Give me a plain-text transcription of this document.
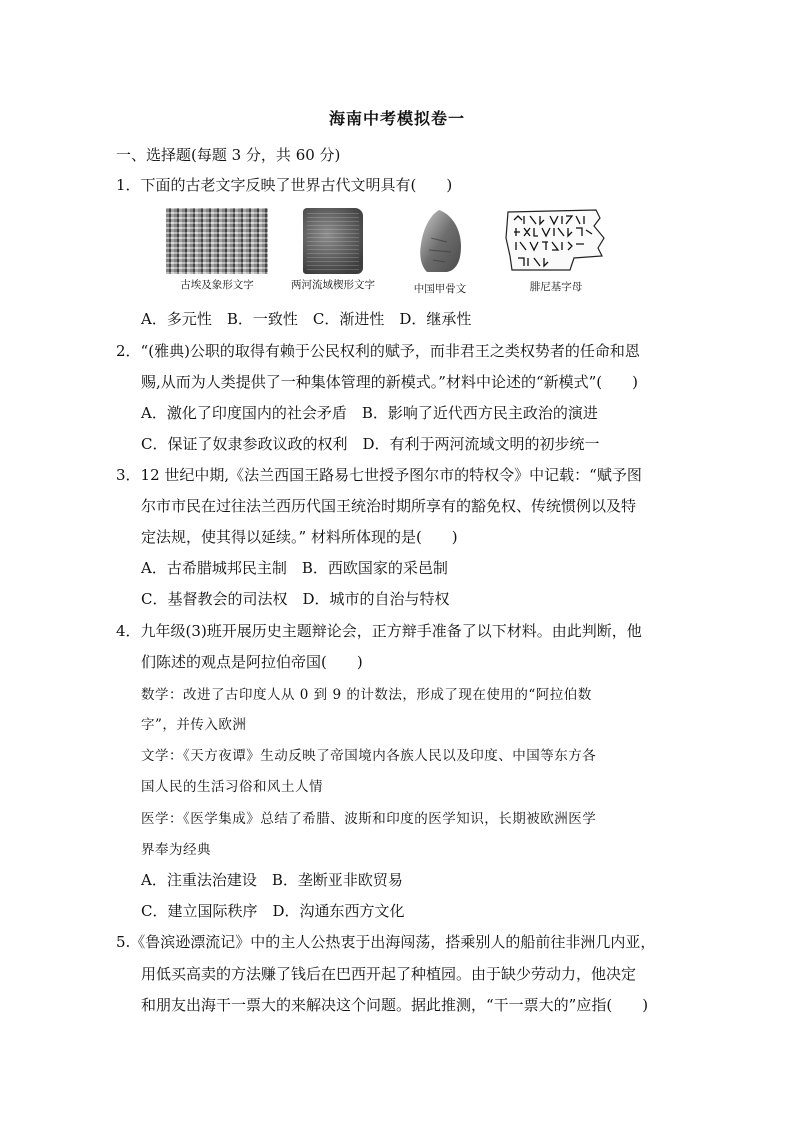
海南中考模拟卷一
一、选择题(每题 3 分，共 60 分)
1．下面的古老文字反映了世界古代文明具有(　　)
古埃及象形文字	两河流域楔形文字	中国甲骨文	腓尼基字母
A．多元性　B．一致性　C．渐进性　D．继承性
2．“(雅典)公职的取得有赖于公民权利的赋予，而非君王之类权势者的任命和恩
赐,从而为人类提供了一种集体管理的新模式。”材料中论述的“新模式”(　　)
A．激化了印度国内的社会矛盾　B．影响了近代西方民主政治的演进
C．保证了奴隶参政议政的权利　D．有利于两河流域文明的初步统一
3．12 世纪中期,《法兰西国王路易七世授予图尔市的特权令》中记载：“赋予图
尔市市民在过往法兰西历代国王统治时期所享有的豁免权、传统惯例以及特
定法规，使其得以延续。” 材料所体现的是(　　)
A．古希腊城邦民主制　B．西欧国家的采邑制
C．基督教会的司法权　D．城市的自治与特权
4．九年级(3)班开展历史主题辩论会，正方辩手准备了以下材料。由此判断，他
们陈述的观点是阿拉伯帝国(　　)
数学：改进了古印度人从 0 到 9 的计数法，形成了现在使用的“阿拉伯数
字”，并传入欧洲
文学：《天方夜谭》生动反映了帝国境内各族人民以及印度、中国等东方各
国人民的生活习俗和风土人情
医学：《医学集成》总结了希腊、波斯和印度的医学知识，长期被欧洲医学
界奉为经典
A．注重法治建设　B．垄断亚非欧贸易
C．建立国际秩序　D．沟通东西方文化
5.《鲁滨逊漂流记》中的主人公热衷于出海闯荡，搭乘别人的船前往非洲几内亚，
用低买高卖的方法赚了钱后在巴西开起了种植园。由于缺少劳动力，他决定
和朋友出海干一票大的来解决这个问题。据此推测，“干一票大的”应指(　　)
